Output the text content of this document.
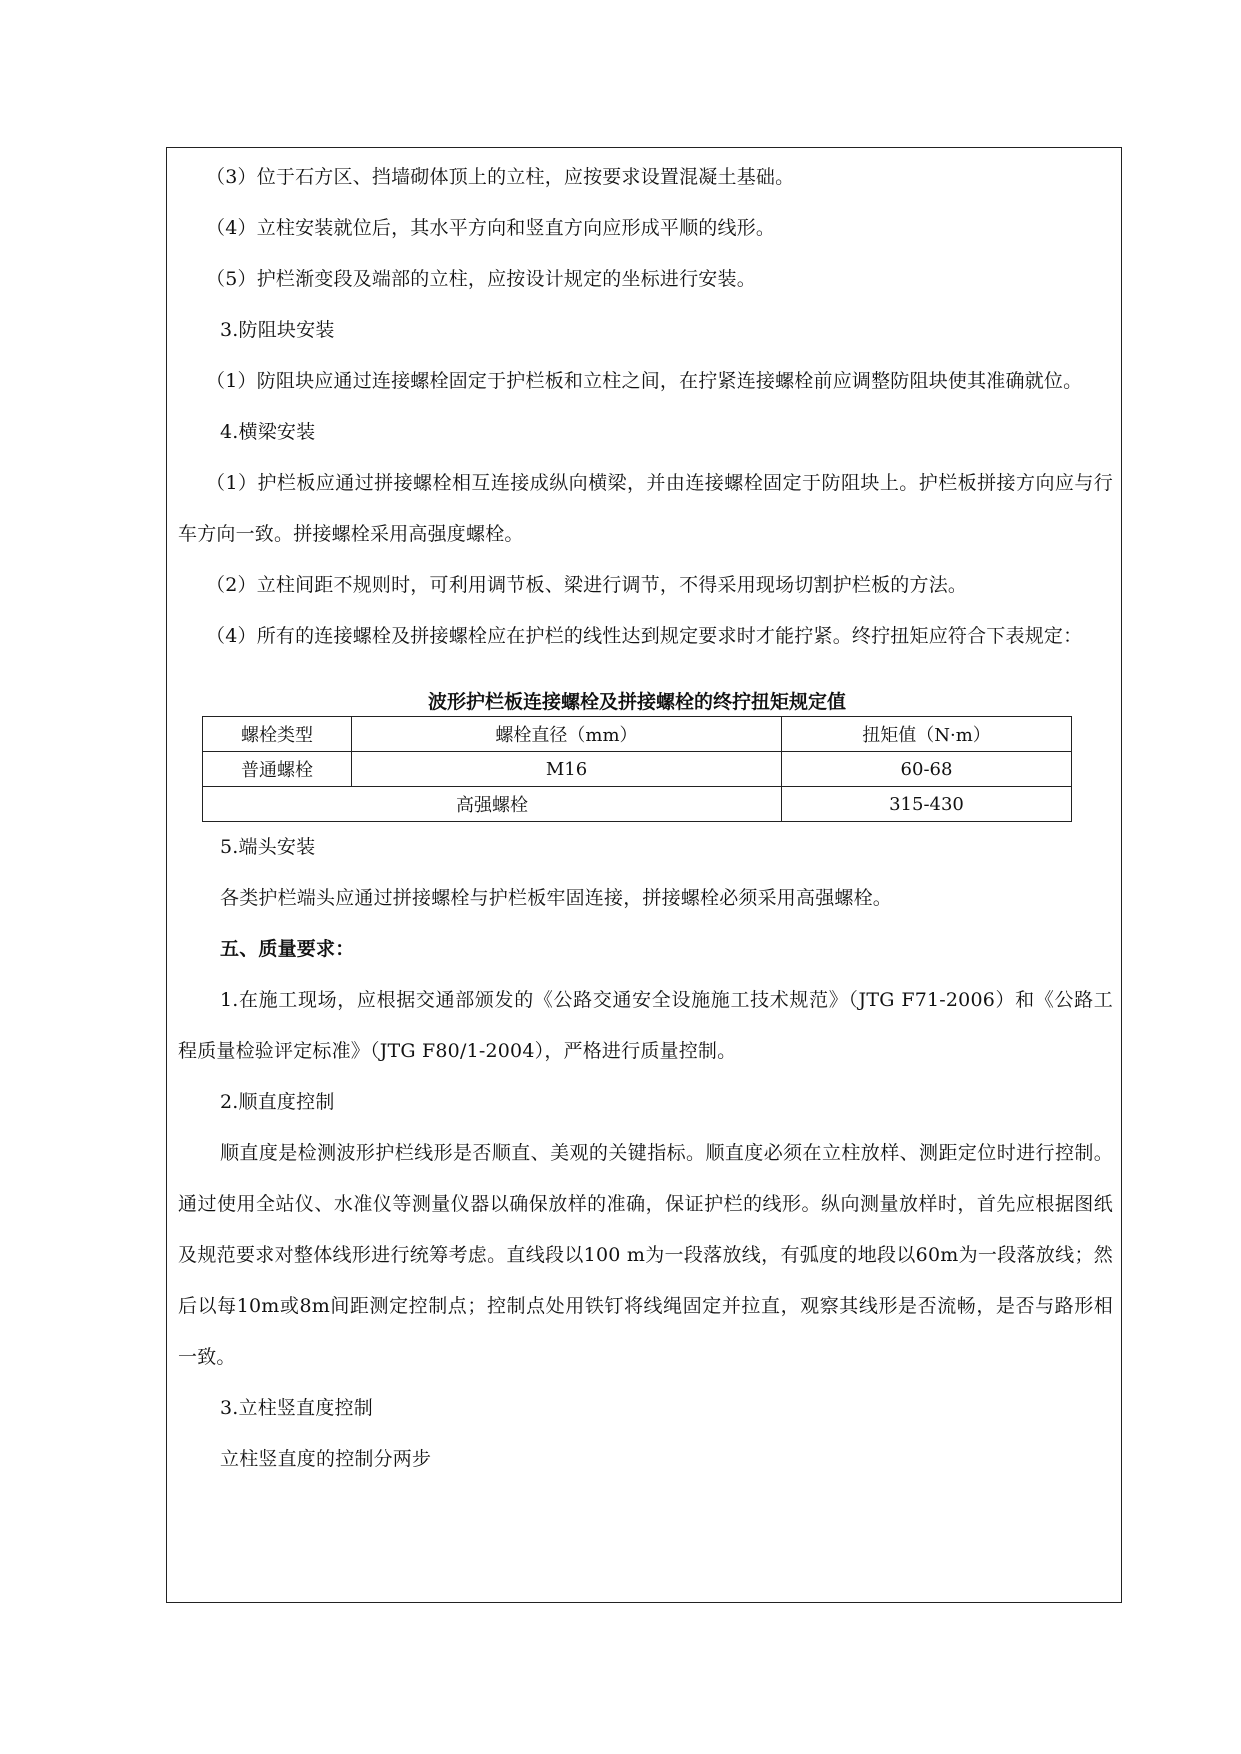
（3）位于石方区、挡墙砌体顶上的立柱，应按要求设置混凝土基础。
（4）立柱安装就位后，其水平方向和竖直方向应形成平顺的线形。
（5）护栏渐变段及端部的立柱，应按设计规定的坐标进行安装。
3.防阻块安装
（1）防阻块应通过连接螺栓固定于护栏板和立柱之间，在拧紧连接螺栓前应调整防阻块使其准确就位。
4.横梁安装
（1）护栏板应通过拼接螺栓相互连接成纵向横梁，并由连接螺栓固定于防阻块上。护栏板拼接方向应与行车方向一致。拼接螺栓采用高强度螺栓。
（2）立柱间距不规则时，可利用调节板、梁进行调节，不得采用现场切割护栏板的方法。
（4）所有的连接螺栓及拼接螺栓应在护栏的线性达到规定要求时才能拧紧。终拧扭矩应符合下表规定：
波形护栏板连接螺栓及拼接螺栓的终拧扭矩规定值
螺栓类型	螺栓直径（mm）	扭矩值（N·m）
普通螺栓	M16	60-68
高强螺栓		315-430
5.端头安装
各类护栏端头应通过拼接螺栓与护栏板牢固连接，拼接螺栓必须采用高强螺栓。
五、质量要求：
1.在施工现场，应根据交通部颁发的《公路交通安全设施施工技术规范》（JTG F71-2006）和《公路工程质量检验评定标准》（JTG F80/1-2004），严格进行质量控制。
2.顺直度控制
顺直度是检测波形护栏线形是否顺直、美观的关键指标。顺直度必须在立柱放样、测距定位时进行控制。通过使用全站仪、水准仪等测量仪器以确保放样的准确，保证护栏的线形。纵向测量放样时，首先应根据图纸及规范要求对整体线形进行统筹考虑。直线段以100 m为一段落放线，有弧度的地段以60m为一段落放线；然后以每10m或8m间距测定控制点；控制点处用铁钉将线绳固定并拉直，观察其线形是否流畅，是否与路形相一致。
3.立柱竖直度控制
立柱竖直度的控制分两步
